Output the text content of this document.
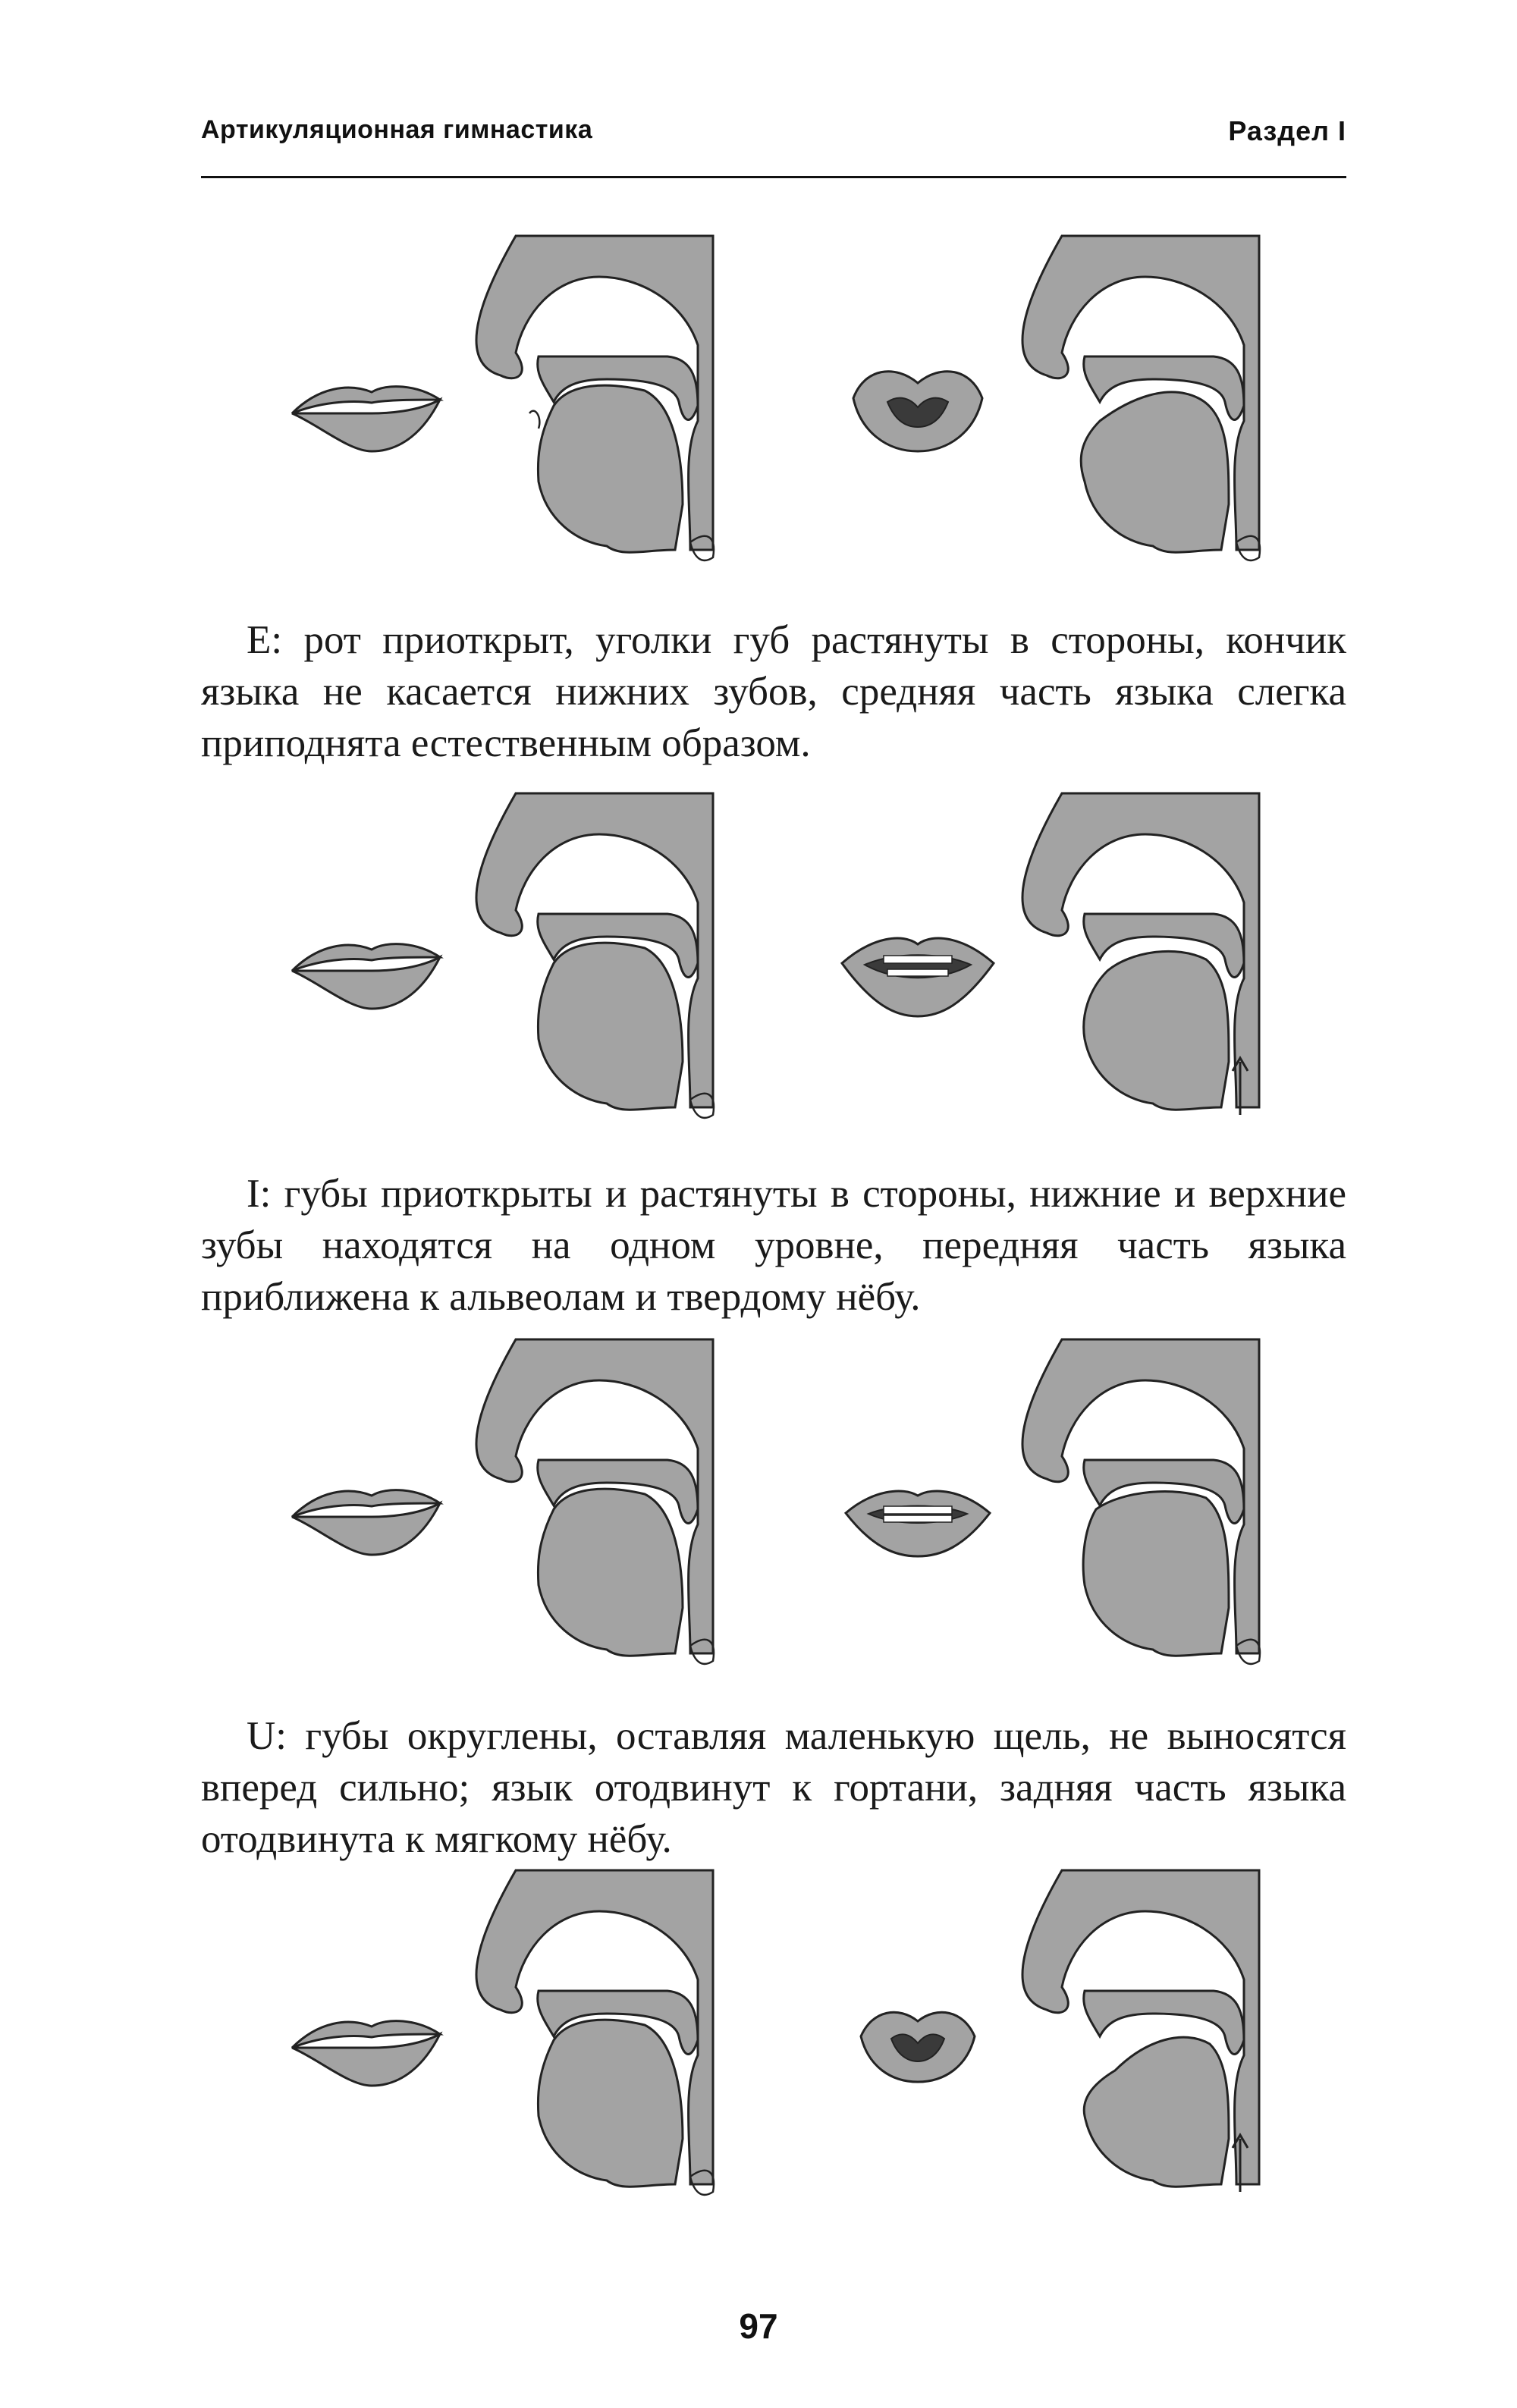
Артикуляционная гимнастика	Раздел I

E: рот приоткрыт, уголки губ растянуты в стороны, кончик языка не касается нижних зубов, средняя часть языка слегка приподнята естественным образом.

I: губы приоткрыты и растянуты в стороны, нижние и верхние зубы находятся на одном уровне, передняя часть языка приближена к альвеолам и твердому нёбу.

U: губы округлены, оставляя маленькую щель, не выносятся вперед сильно; язык отодвинут к гортани, задняя часть языка отодвинута к мягкому нёбу.

97
